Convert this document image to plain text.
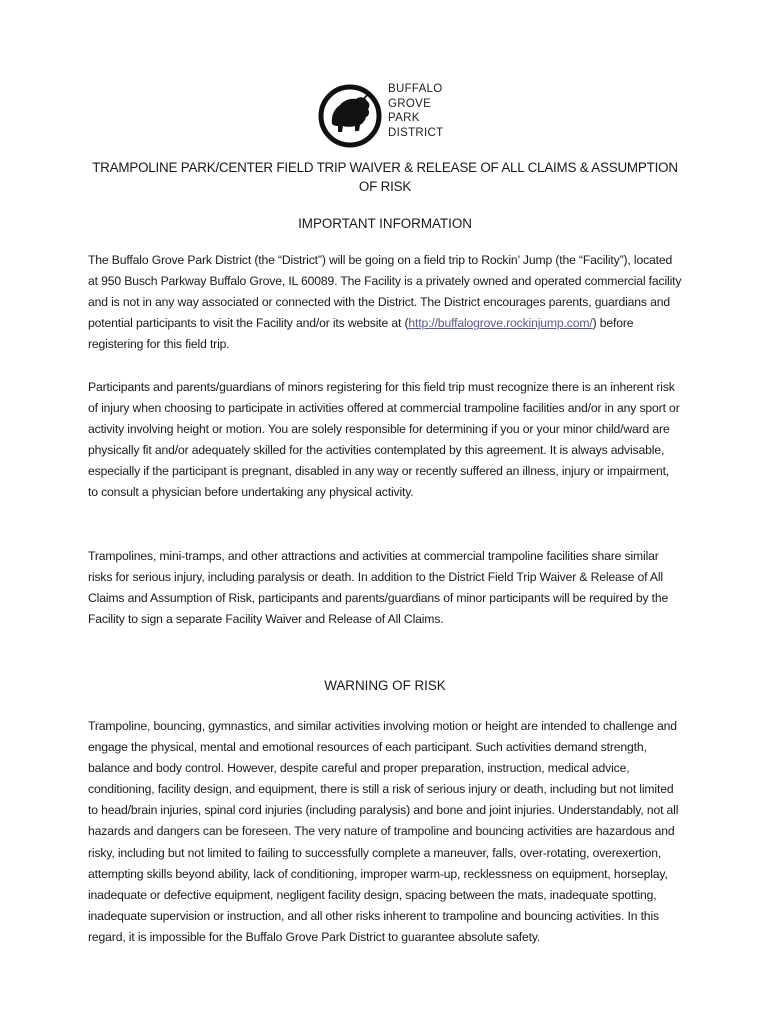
BUFFALO
GROVE
PARK
DISTRICT
TRAMPOLINE PARK/CENTER FIELD TRIP WAIVER & RELEASE OF ALL CLAIMS & ASSUMPTION OF RISK
IMPORTANT INFORMATION
The Buffalo Grove Park District (the “District”) will be going on a field trip to Rockin’ Jump (the “Facility”), located at 950 Busch Parkway Buffalo Grove, IL 60089. The Facility is a privately owned and operated commercial facility and is not in any way associated or connected with the District. The District encourages parents, guardians and potential participants to visit the Facility and/or its website at (http://buffalogrove.rockinjump.com/) before registering for this field trip.
Participants and parents/guardians of minors registering for this field trip must recognize there is an inherent risk of injury when choosing to participate in activities offered at commercial trampoline facilities and/or in any sport or activity involving height or motion. You are solely responsible for determining if you or your minor child/ward are physically fit and/or adequately skilled for the activities contemplated by this agreement. It is always advisable, especially if the participant is pregnant, disabled in any way or recently suffered an illness, injury or impairment, to consult a physician before undertaking any physical activity.
Trampolines, mini-tramps, and other attractions and activities at commercial trampoline facilities share similar risks for serious injury, including paralysis or death. In addition to the District Field Trip Waiver & Release of All Claims and Assumption of Risk, participants and parents/guardians of minor participants will be required by the Facility to sign a separate Facility Waiver and Release of All Claims.
WARNING OF RISK
Trampoline, bouncing, gymnastics, and similar activities involving motion or height are intended to challenge and engage the physical, mental and emotional resources of each participant. Such activities demand strength, balance and body control. However, despite careful and proper preparation, instruction, medical advice, conditioning, facility design, and equipment, there is still a risk of serious injury or death, including but not limited to head/brain injuries, spinal cord injuries (including paralysis) and bone and joint injuries. Understandably, not all hazards and dangers can be foreseen. The very nature of trampoline and bouncing activities are hazardous and risky, including but not limited to failing to successfully complete a maneuver, falls, over-rotating, overexertion, attempting skills beyond ability, lack of conditioning, improper warm-up, recklessness on equipment, horseplay, inadequate or defective equipment, negligent facility design, spacing between the mats, inadequate spotting, inadequate supervision or instruction, and all other risks inherent to trampoline and bouncing activities. In this regard, it is impossible for the Buffalo Grove Park District to guarantee absolute safety.
